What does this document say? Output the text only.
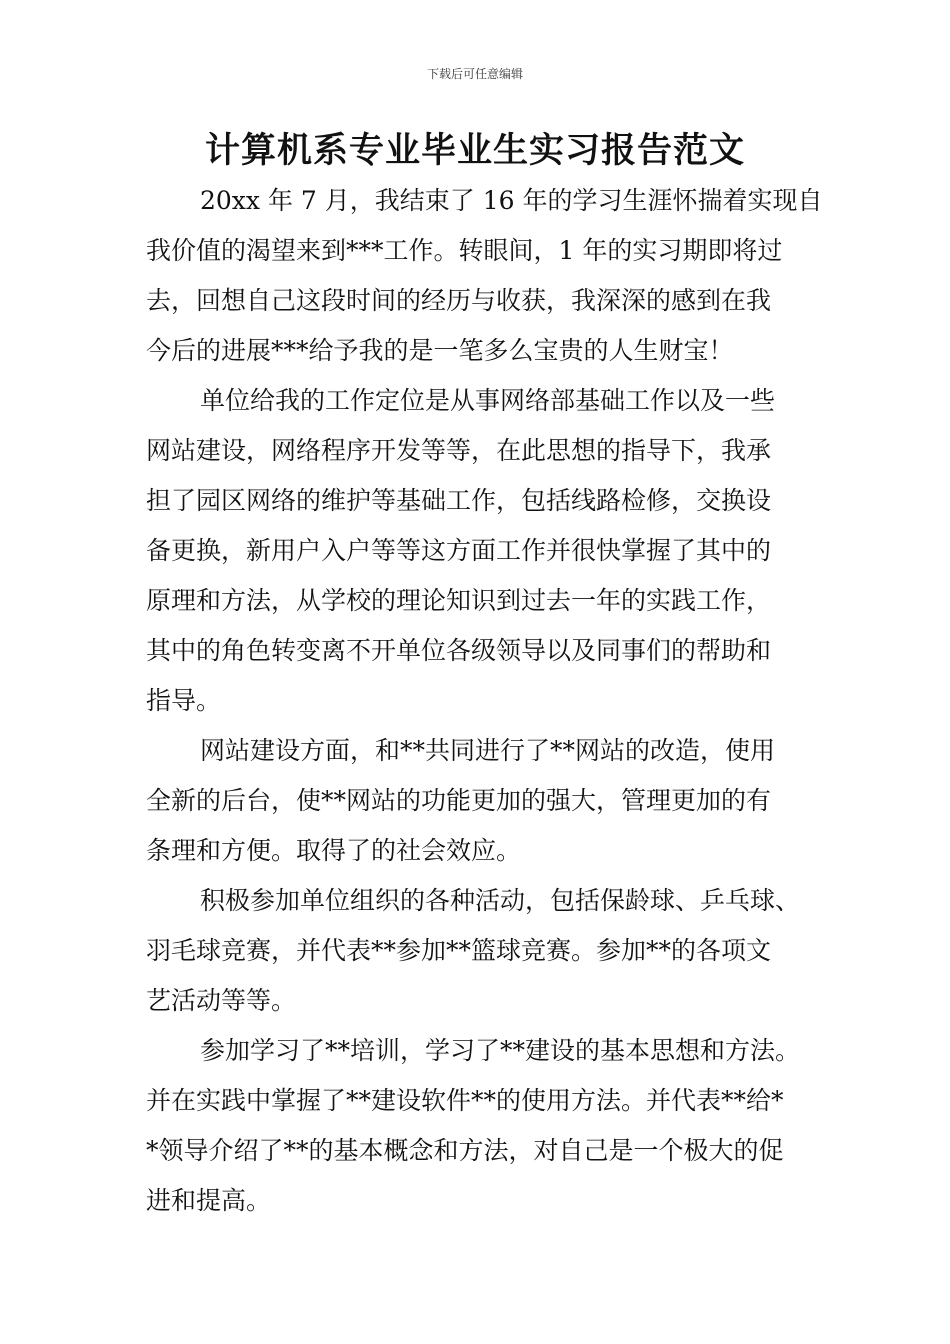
下载后可任意编辑
计算机系专业毕业生实习报告范文
20xx 年 7 月，我结束了 16 年的学习生涯怀揣着实现自
我价值的渴望来到***工作。转眼间，1 年的实习期即将过
去，回想自己这段时间的经历与收获，我深深的感到在我
今后的进展***给予我的是一笔多么宝贵的人生财宝！
单位给我的工作定位是从事网络部基础工作以及一些
网站建设，网络程序开发等等，在此思想的指导下，我承
担了园区网络的维护等基础工作，包括线路检修，交换设
备更换，新用户入户等等这方面工作并很快掌握了其中的
原理和方法，从学校的理论知识到过去一年的实践工作，
其中的角色转变离不开单位各级领导以及同事们的帮助和
指导。
网站建设方面，和**共同进行了**网站的改造，使用
全新的后台，使**网站的功能更加的强大，管理更加的有
条理和方便。取得了的社会效应。
积极参加单位组织的各种活动，包括保龄球、乒乓球、
羽毛球竞赛，并代表**参加**篮球竞赛。参加**的各项文
艺活动等等。
参加学习了**培训，学习了**建设的基本思想和方法。
并在实践中掌握了**建设软件**的使用方法。并代表**给*
*领导介绍了**的基本概念和方法，对自己是一个极大的促
进和提高。
